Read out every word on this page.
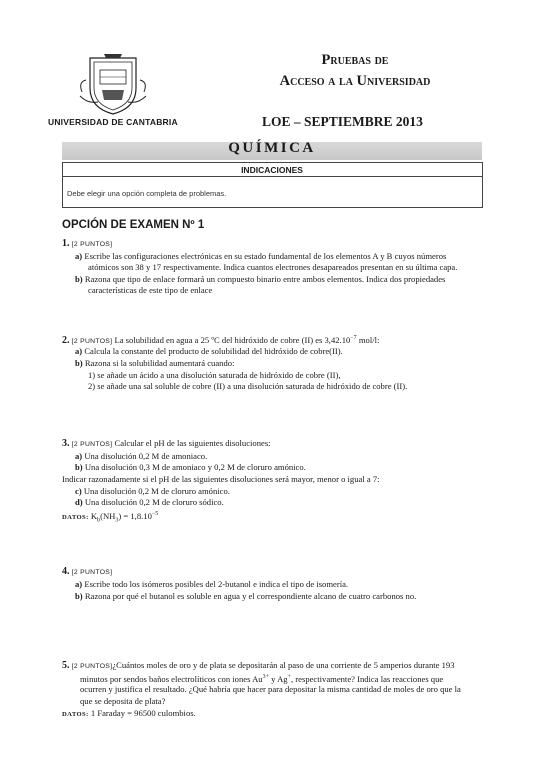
UNIVERSIDAD DE CANTABRIA
Pruebas de
Acceso a la Universidad
LOE – SEPTIEMBRE 2013
QUÍMICA
INDICACIONES
Debe elegir una opción completa de problemas.
OPCIÓN DE EXAMEN Nº 1
1. [2 PUNTOS]
a) Escribe las configuraciones electrónicas en su estado fundamental de los elementos A y B cuyos números
atómicos son 38 y 17 respectivamente. Indica cuantos electrones desapareados presentan en su última capa.
b) Razona que tipo de enlace formará un compuesto binario entre ambos elementos. Indica dos propiedades
características de este tipo de enlace
2. [2 PUNTOS] La solubilidad en agua a 25 ºC del hidróxido de cobre (II) es $3,42.10^{-7}$ mol/l:
a) Calcula la constante del producto de solubilidad del hidróxido de cobre(II).
b) Razona si la solubilidad aumentará cuando:
1) se añade un ácido a una disolución saturada de hidróxido de cobre (II),
2) se añade una sal soluble de cobre (II) a una disolución saturada de hidróxido de cobre (II).
3. [2 PUNTOS] Calcular el pH de las siguientes disoluciones:
a) Una disolución 0,2 M de amoniaco.
b) Una disolución 0,3 M de amoniaco y 0,2 M de cloruro amónico.
Indicar razonadamente si el pH de las siguientes disoluciones será mayor, menor o igual a 7:
c) Una disolución 0,2 M de cloruro amónico.
d) Una disolución 0,2 M de cloruro sódico.
DATOS: $K_b(NH_3) = 1,8.10^{-5}$
4. [2 PUNTOS]
a) Escribe todo los isómeros posibles del 2-butanol e indica el tipo de isomería.
b) Razona por qué el butanol es soluble en agua y el correspondiente alcano de cuatro carbonos no.
5. [2 PUNTOS]¿Cuántos moles de oro y de plata se depositarán al paso de una corriente de 5 amperios durante 193
minutos por sendos baños electrolíticos con iones $Au^{3+}$ y Ag+, respectivamente? Indica las reacciones que
ocurren y justifica el resultado. ¿Qué habría que hacer para depositar la misma cantidad de moles de oro que la
que se deposita de plata?
DATOS: 1 Faraday = 96500 culombios.
